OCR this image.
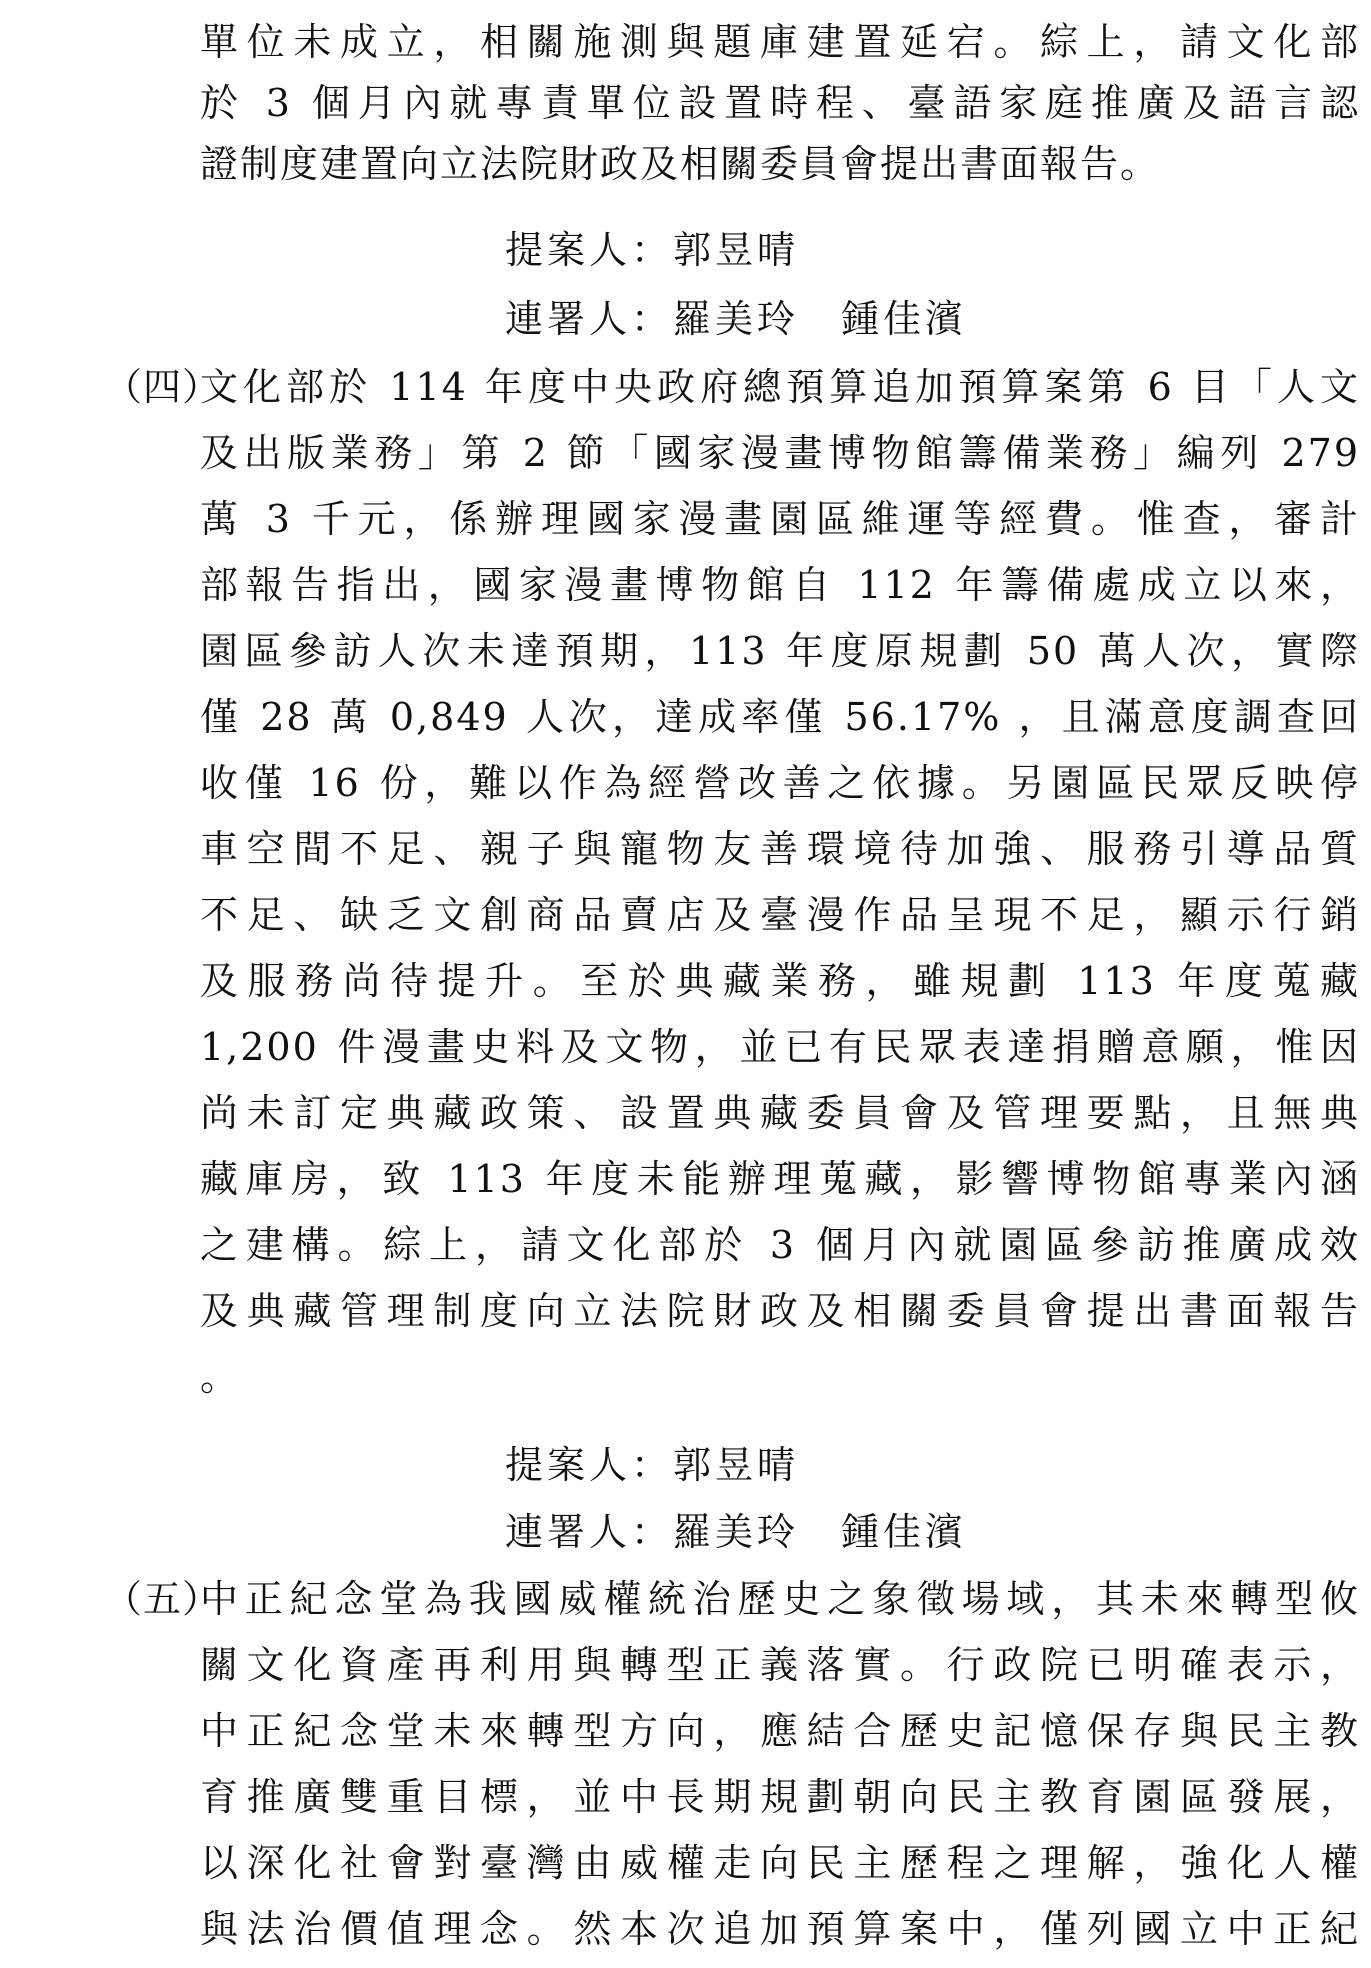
單位未成立，相關施測與題庫建置延宕。綜上，請文化部
於 3 個月內就專責單位設置時程、臺語家庭推廣及語言認
證制度建置向立法院財政及相關委員會提出書面報告。
提案人：郭昱晴
連署人：羅美玲　鍾佳濱
（四）
文化部於 114 年度中央政府總預算追加預算案第 6 目「人文
及出版業務」第 2 節「國家漫畫博物館籌備業務」編列 279
萬 3 千元，係辦理國家漫畫園區維運等經費。惟查，審計
部報告指出，國家漫畫博物館自 112 年籌備處成立以來，
園區參訪人次未達預期，113 年度原規劃 50 萬人次，實際
僅 28 萬 0,849 人次，達成率僅 56.17% ，且滿意度調查回
收僅 16 份，難以作為經營改善之依據。另園區民眾反映停
車空間不足、親子與寵物友善環境待加強、服務引導品質
不足、缺乏文創商品賣店及臺漫作品呈現不足，顯示行銷
及服務尚待提升。至於典藏業務，雖規劃 113 年度蒐藏
1,200 件漫畫史料及文物，並已有民眾表達捐贈意願，惟因
尚未訂定典藏政策、設置典藏委員會及管理要點，且無典
藏庫房，致 113 年度未能辦理蒐藏，影響博物館專業內涵
之建構。綜上，請文化部於 3 個月內就園區參訪推廣成效
及典藏管理制度向立法院財政及相關委員會提出書面報告
。
提案人：郭昱晴
連署人：羅美玲　鍾佳濱
（五）
中正紀念堂為我國威權統治歷史之象徵場域，其未來轉型攸
關文化資產再利用與轉型正義落實。行政院已明確表示，
中正紀念堂未來轉型方向，應結合歷史記憶保存與民主教
育推廣雙重目標，並中長期規劃朝向民主教育園區發展，
以深化社會對臺灣由威權走向民主歷程之理解，強化人權
與法治價值理念。然本次追加預算案中，僅列國立中正紀
